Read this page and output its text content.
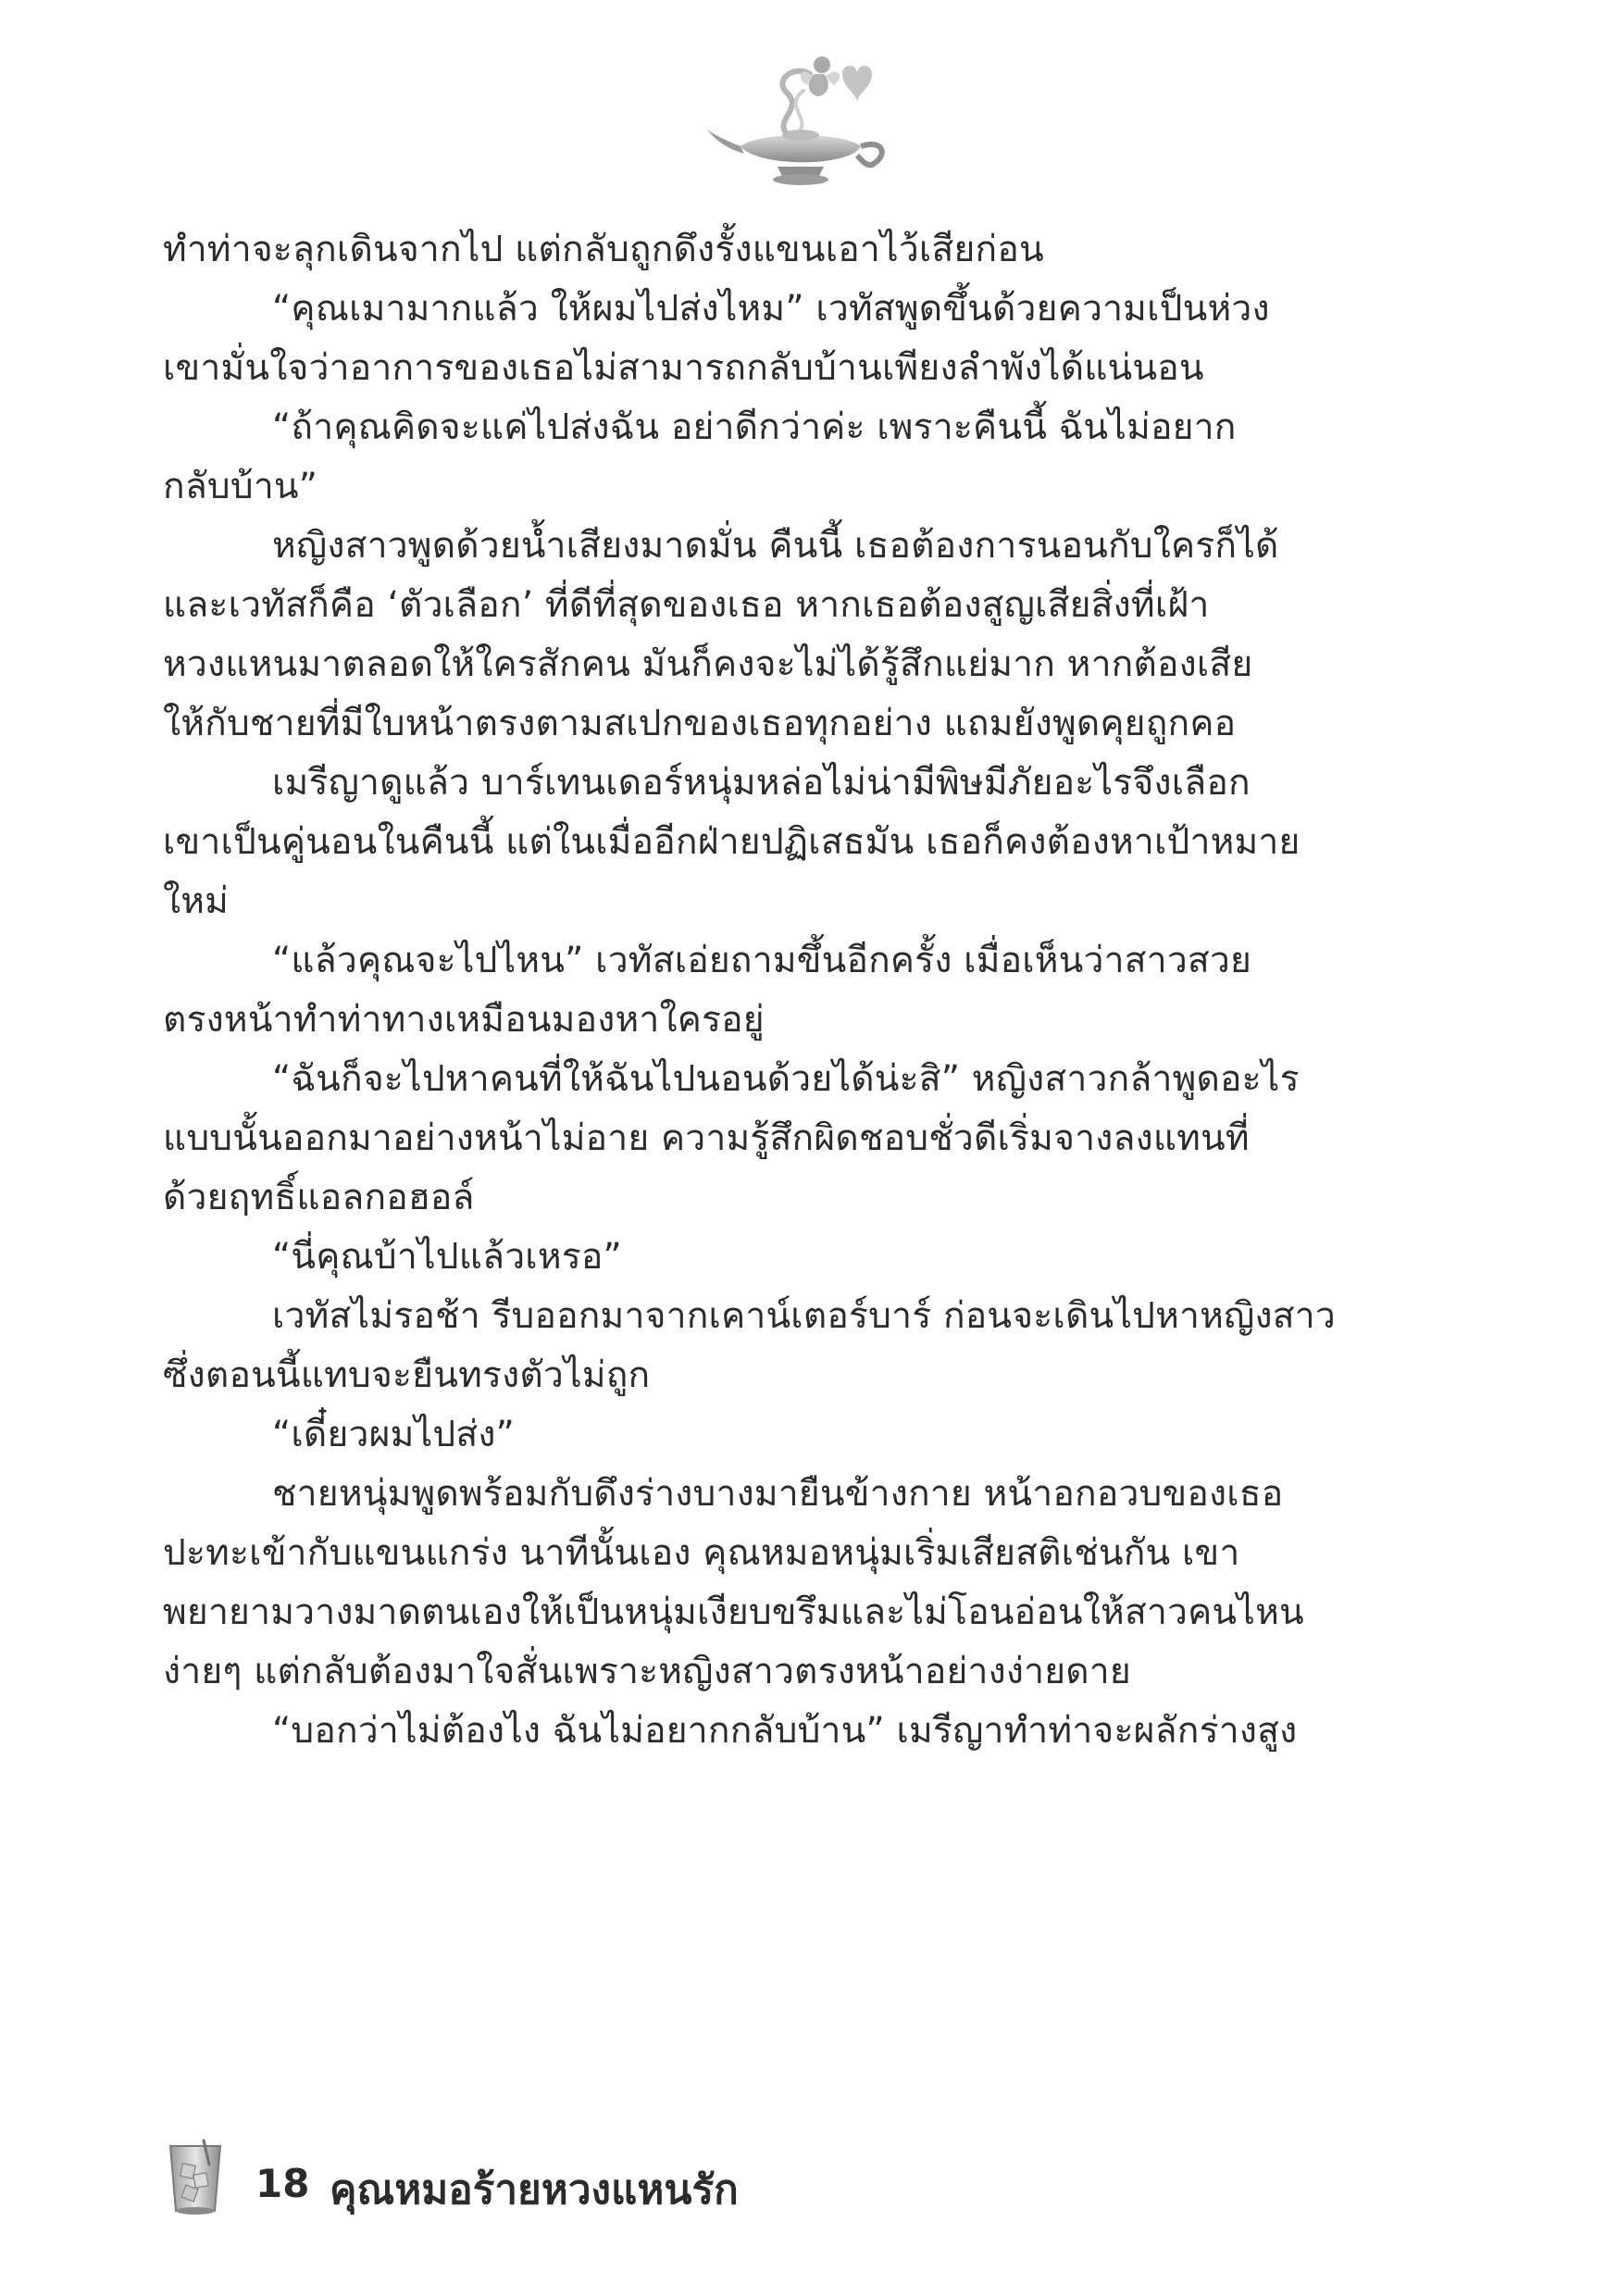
ทำท่าจะลุกเดินจากไป แต่กลับถูกดึงรั้งแขนเอาไว้เสียก่อน
“คุณเมามากแล้ว ให้ผมไปส่งไหม” เวทัสพูดขึ้นด้วยความเป็นห่วง
เขามั่นใจว่าอาการของเธอไม่สามารถกลับบ้านเพียงลำพังได้แน่นอน
“ถ้าคุณคิดจะแค่ไปส่งฉัน อย่าดีกว่าค่ะ เพราะคืนนี้ ฉันไม่อยาก
กลับบ้าน”
หญิงสาวพูดด้วยน้ำเสียงมาดมั่น คืนนี้ เธอต้องการนอนกับใครก็ได้
และเวทัสก็คือ ‘ตัวเลือก’ ที่ดีที่สุดของเธอ หากเธอต้องสูญเสียสิ่งที่เฝ้า
หวงแหนมาตลอดให้ใครสักคน มันก็คงจะไม่ได้รู้สึกแย่มาก หากต้องเสีย
ให้กับชายที่มีใบหน้าตรงตามสเปกของเธอทุกอย่าง แถมยังพูดคุยถูกคอ
เมรีญาดูแล้ว บาร์เทนเดอร์หนุ่มหล่อไม่น่ามีพิษมีภัยอะไรจึงเลือก
เขาเป็นคู่นอนในคืนนี้ แต่ในเมื่ออีกฝ่ายปฏิเสธมัน เธอก็คงต้องหาเป้าหมาย
ใหม่
“แล้วคุณจะไปไหน” เวทัสเอ่ยถามขึ้นอีกครั้ง เมื่อเห็นว่าสาวสวย
ตรงหน้าทำท่าทางเหมือนมองหาใครอยู่
“ฉันก็จะไปหาคนที่ให้ฉันไปนอนด้วยได้น่ะสิ” หญิงสาวกล้าพูดอะไร
แบบนั้นออกมาอย่างหน้าไม่อาย ความรู้สึกผิดชอบชั่วดีเริ่มจางลงแทนที่
ด้วยฤทธิ์แอลกอฮอล์
“นี่คุณบ้าไปแล้วเหรอ”
เวทัสไม่รอช้า รีบออกมาจากเคาน์เตอร์บาร์ ก่อนจะเดินไปหาหญิงสาว
ซึ่งตอนนี้แทบจะยืนทรงตัวไม่ถูก
“เดี๋ยวผมไปส่ง”
ชายหนุ่มพูดพร้อมกับดึงร่างบางมายืนข้างกาย หน้าอกอวบของเธอ
ปะทะเข้ากับแขนแกร่ง นาทีนั้นเอง คุณหมอหนุ่มเริ่มเสียสติเช่นกัน เขา
พยายามวางมาดตนเองให้เป็นหนุ่มเงียบขรึมและไม่โอนอ่อนให้สาวคนไหน
ง่ายๆ แต่กลับต้องมาใจสั่นเพราะหญิงสาวตรงหน้าอย่างง่ายดาย
“บอกว่าไม่ต้องไง ฉันไม่อยากกลับบ้าน” เมรีญาทำท่าจะผลักร่างสูง
18 คุณหมอร้ายหวงแหนรัก
